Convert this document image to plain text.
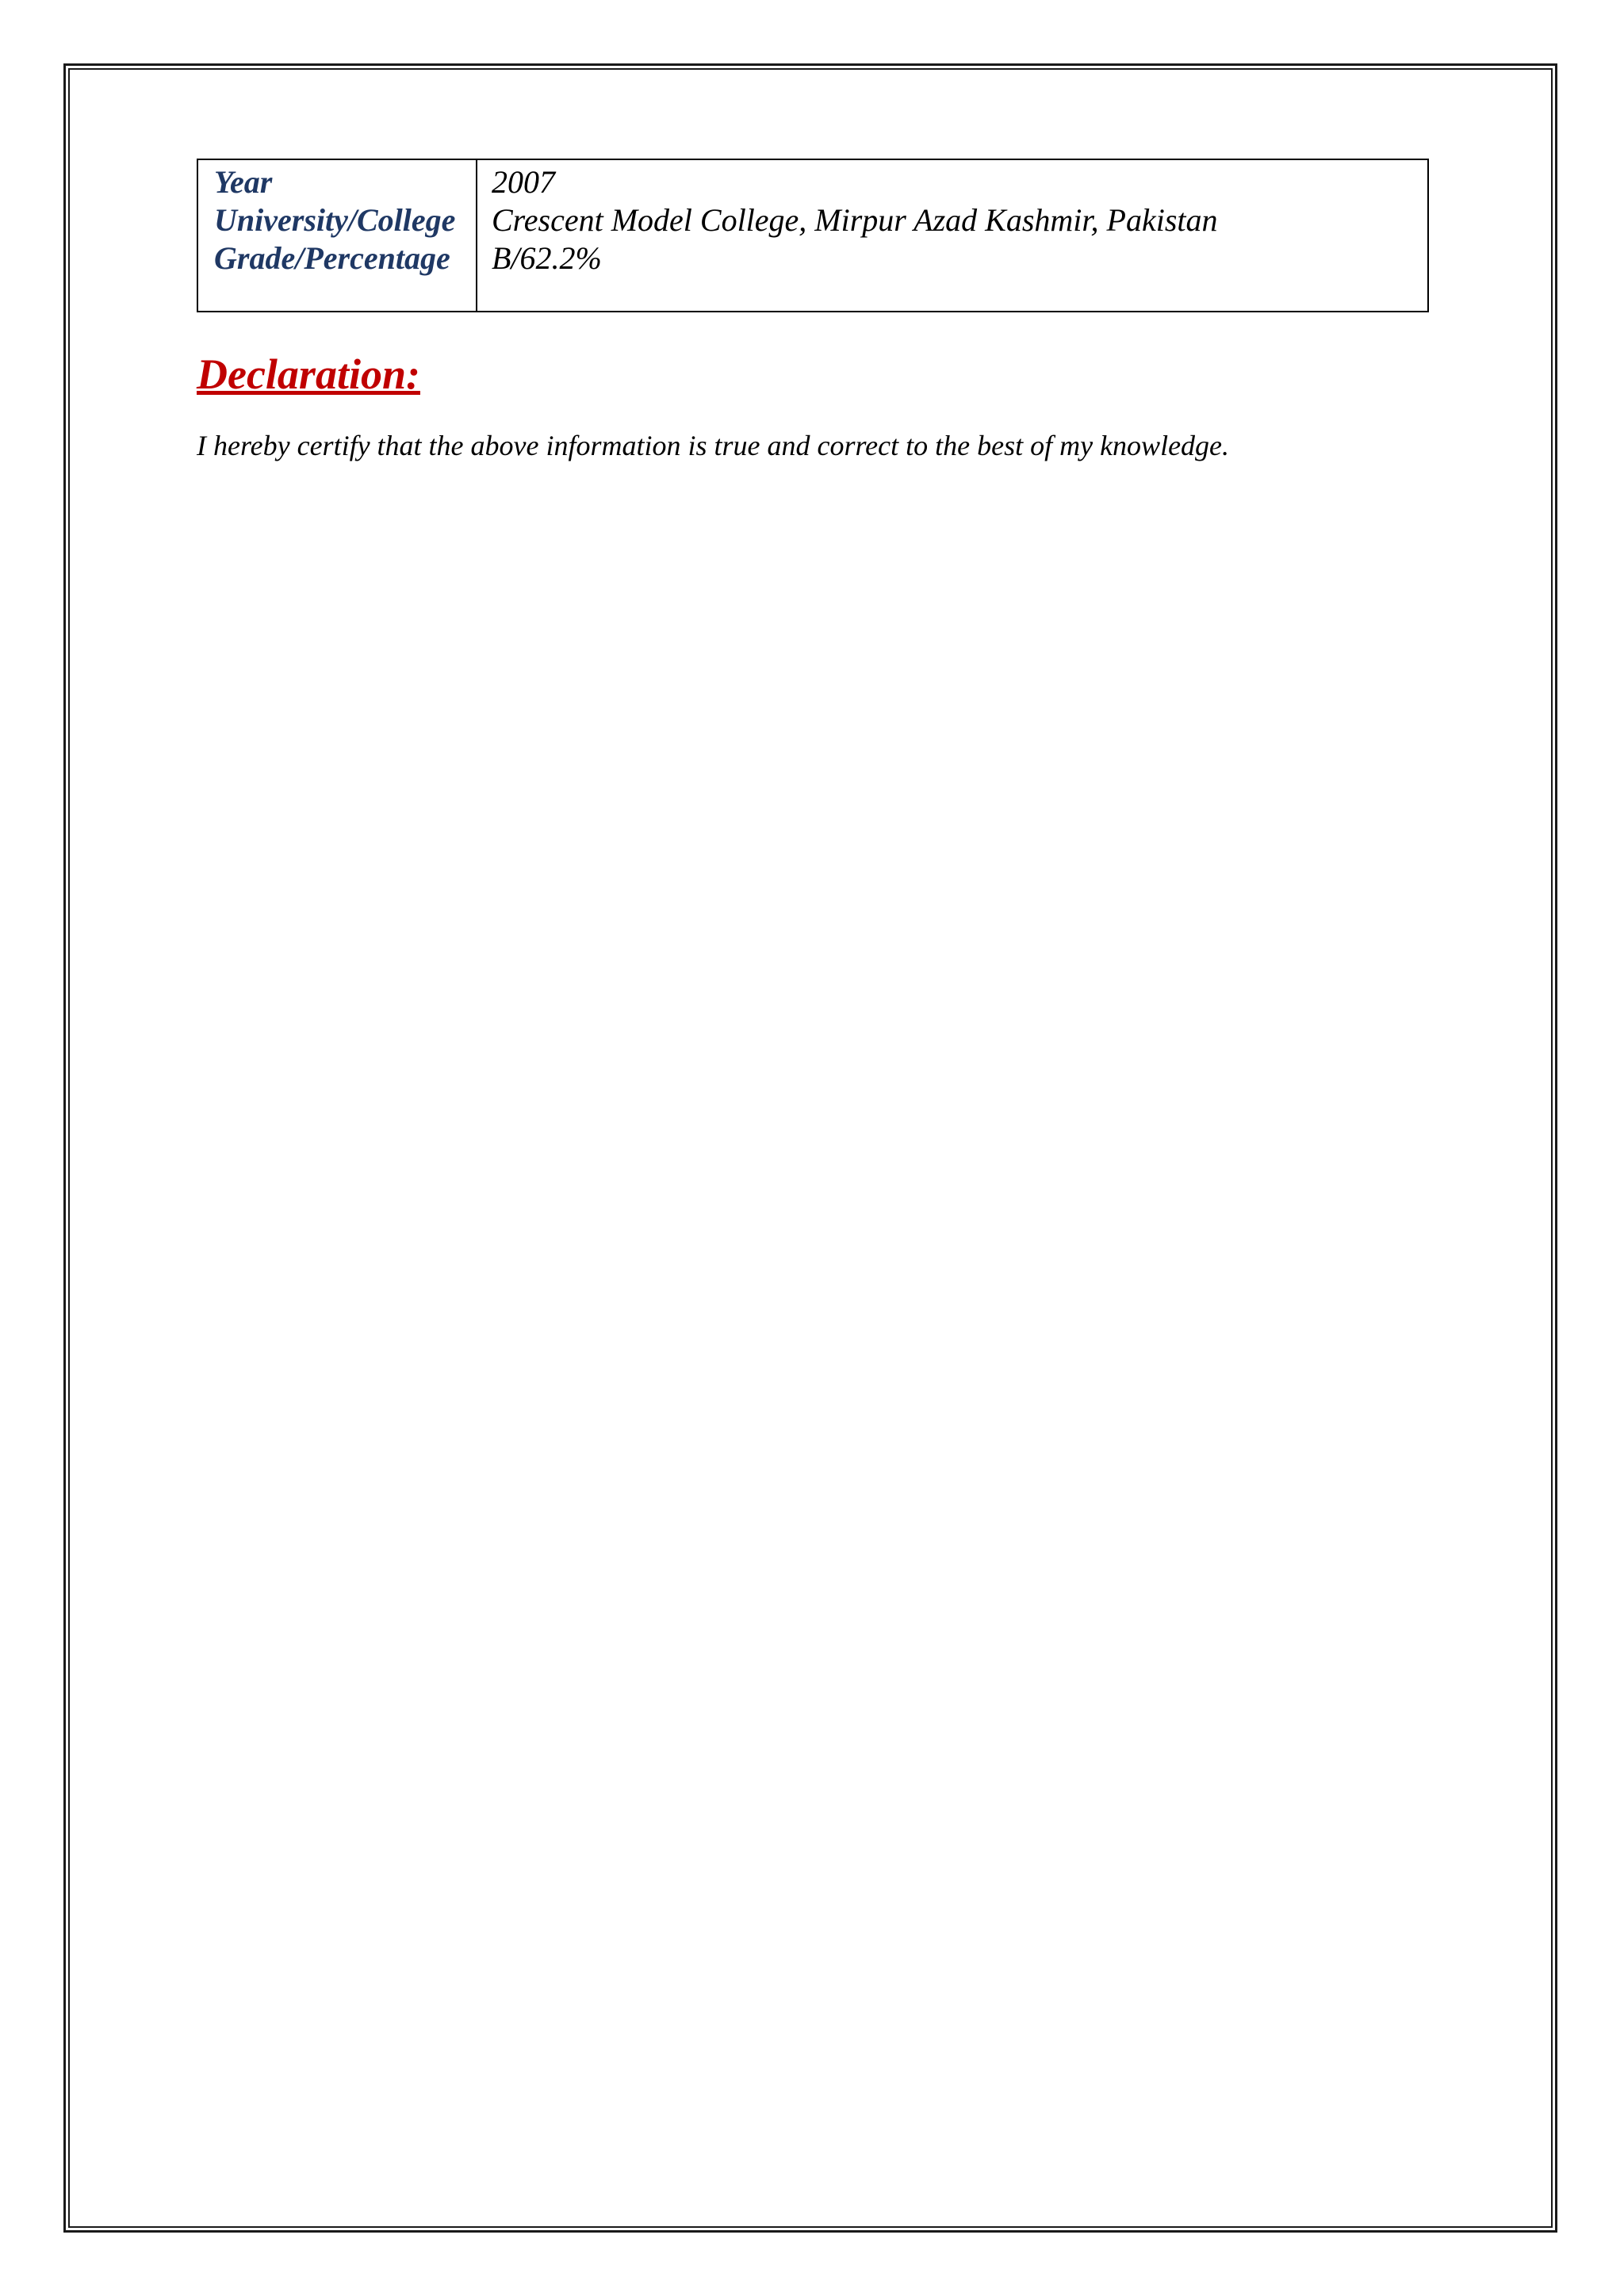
Year
University/College
Grade/Percentage
2007
Crescent Model College, Mirpur Azad Kashmir, Pakistan
B/62.2%
Declaration:

I hereby certify that the above information is true and correct to the best of my knowledge.
